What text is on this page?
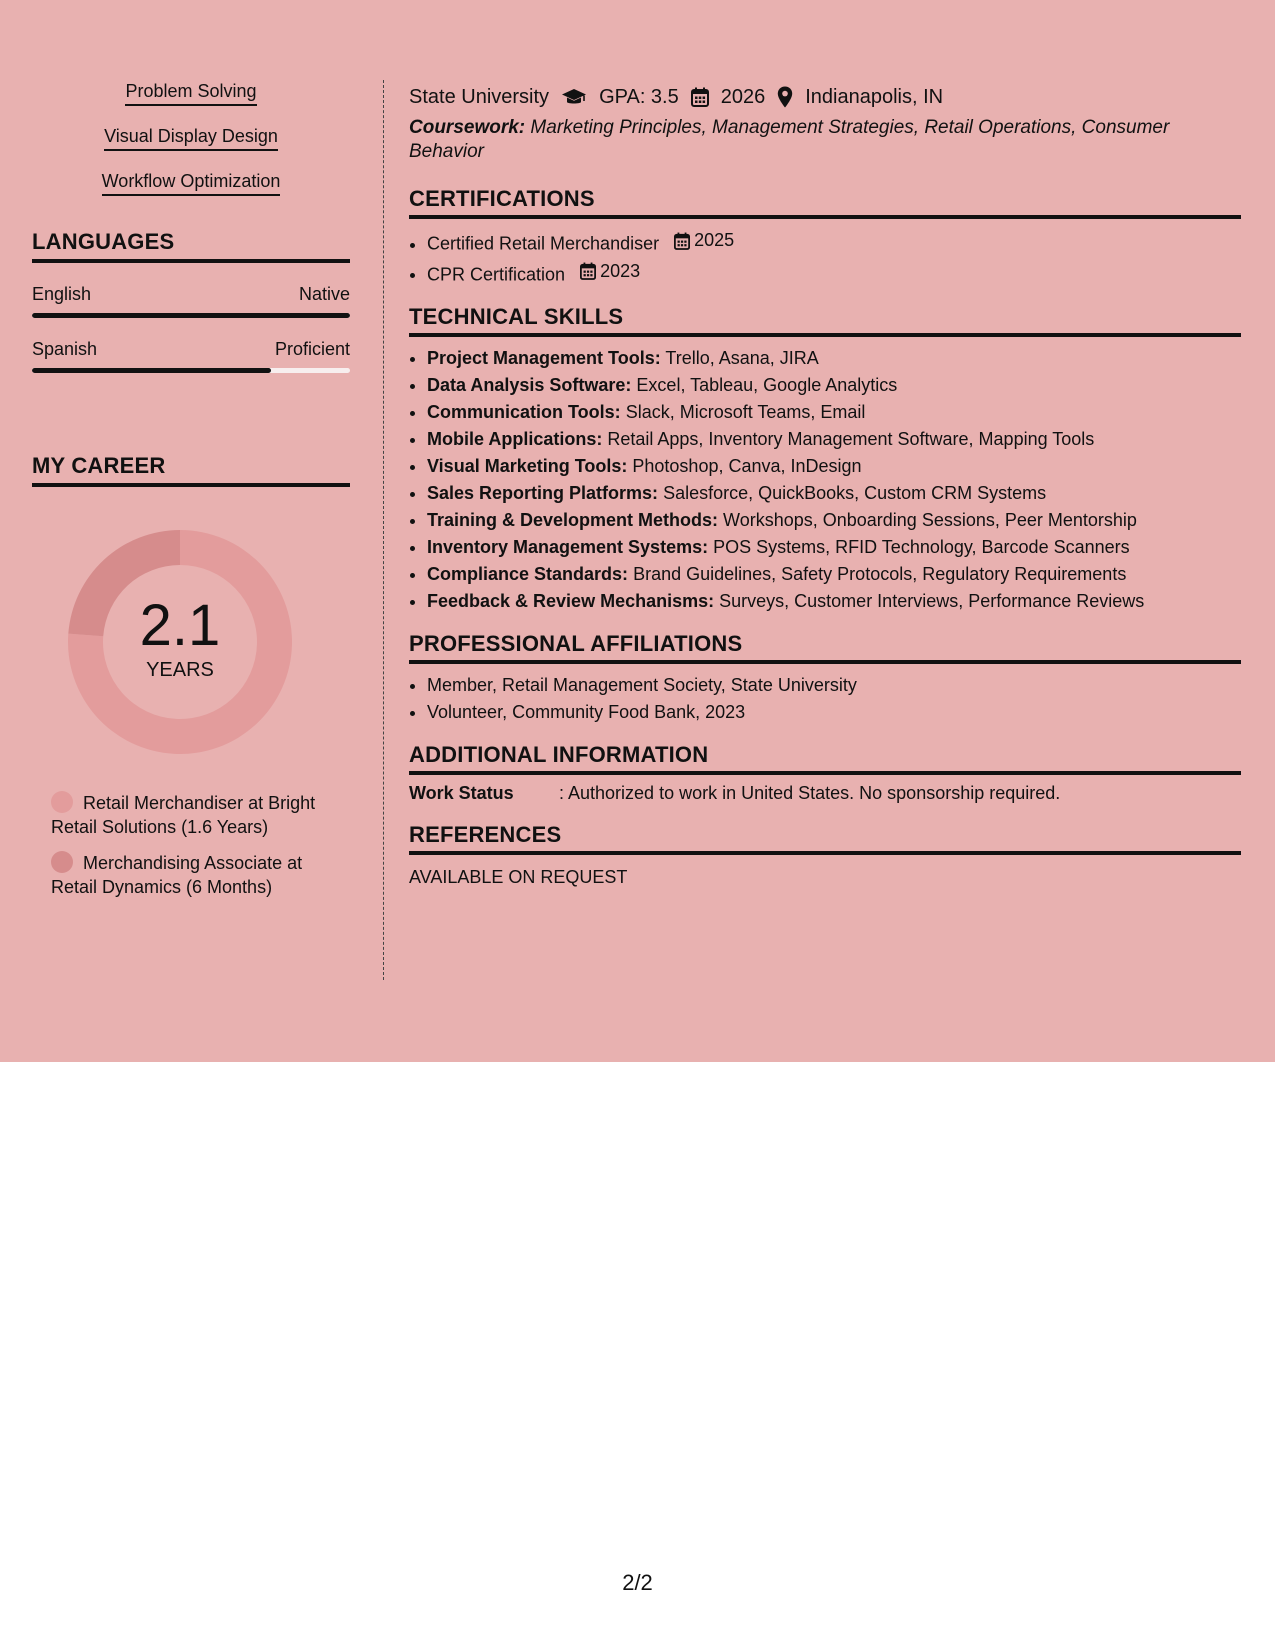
Problem Solving
Visual Display Design
Workflow Optimization
LANGUAGES
English	Native
Spanish	Proficient
MY CAREER
2.1
YEARS
Retail Merchandiser at Bright Retail Solutions (1.6 Years)
Merchandising Associate at Retail Dynamics (6 Months)
State University	GPA: 3.5 2026 Indianapolis, IN
Coursework: Marketing Principles, Management Strategies, Retail Operations, Consumer Behavior
CERTIFICATIONS
• Certified Retail Merchandiser 2025
• CPR Certification 2023
TECHNICAL SKILLS
• Project Management Tools: Trello, Asana, JIRA
• Data Analysis Software: Excel, Tableau, Google Analytics
• Communication Tools: Slack, Microsoft Teams, Email
• Mobile Applications: Retail Apps, Inventory Management Software, Mapping Tools
• Visual Marketing Tools: Photoshop, Canva, InDesign
• Sales Reporting Platforms: Salesforce, QuickBooks, Custom CRM Systems
• Training & Development Methods: Workshops, Onboarding Sessions, Peer Mentorship
• Inventory Management Systems: POS Systems, RFID Technology, Barcode Scanners
• Compliance Standards: Brand Guidelines, Safety Protocols, Regulatory Requirements
• Feedback & Review Mechanisms: Surveys, Customer Interviews, Performance Reviews
PROFESSIONAL AFFILIATIONS
• Member, Retail Management Society, State University
• Volunteer, Community Food Bank, 2023
ADDITIONAL INFORMATION
Work Status	: Authorized to work in United States. No sponsorship required.
REFERENCES
AVAILABLE ON REQUEST
2/2
